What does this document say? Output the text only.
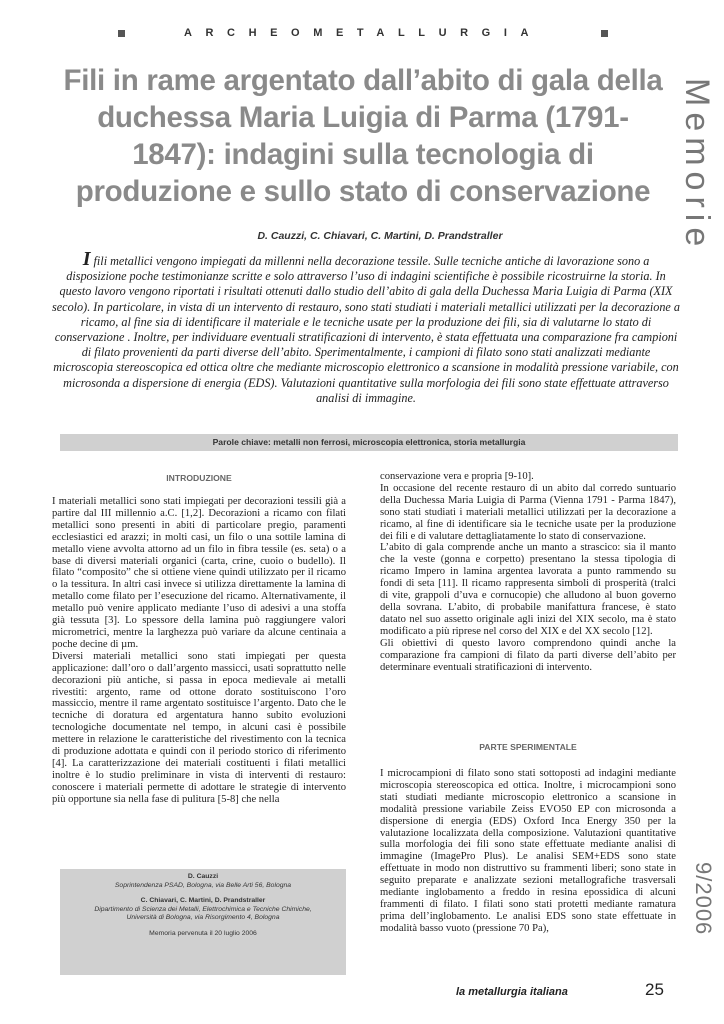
ARCHEOMETALLURGIA
Memorie
9/2006
Fili in rame argentato dall’abito di gala della duchessa Maria Luigia di Parma (1791-1847): indagini sulla tecnologia di produzione e sullo stato di conservazione
D. Cauzzi, C. Chiavari, C. Martini, D. Prandstraller

I fili metallici vengono impiegati da millenni nella decorazione tessile. Sulle tecniche antiche di lavorazione sono a disposizione poche testimonianze scritte e solo attraverso l’uso di indagini scientifiche è possibile ricostruirne la storia. In questo lavoro vengono riportati i risultati ottenuti dallo studio dell’abito di gala della Duchessa Maria Luigia di Parma (XIX secolo). In particolare, in vista di un intervento di restauro, sono stati studiati i materiali metallici utilizzati per la decorazione a ricamo, al fine sia di identificare il materiale e le tecniche usate per la produzione dei fili, sia di valutarne lo stato di conservazione . Inoltre, per individuare eventuali stratificazioni di intervento, è stata effettuata una comparazione fra campioni di filato provenienti da parti diverse dell’abito. Sperimentalmente, i campioni di filato sono stati analizzati mediante microscopia stereoscopica ed ottica oltre che mediante microscopio elettronico a scansione in modalità pressione variabile, con microsonda a dispersione di energia (EDS). Valutazioni quantitative sulla morfologia dei fili sono state effettuate attraverso analisi di immagine.

Parole chiave: metalli non ferrosi, microscopia elettronica, storia metallurgia
INTRODUZIONE

I materiali metallici sono stati impiegati per decorazioni tessili già a partire dal III millennio a.C. [1,2]. Decorazioni a ricamo con filati metallici sono presenti in abiti di particolare pregio, paramenti ecclesiastici ed arazzi; in molti casi, un filo o una sottile lamina di metallo viene avvolta attorno ad un filo in fibra tessile (es. seta) o a base di diversi materiali organici (carta, crine, cuoio o budello). Il filato “composito” che si ottiene viene quindi utilizzato per il ricamo o la tessitura. In altri casi invece si utilizza direttamente la lamina di metallo come filato per l’esecuzione del ricamo. Alternativamente, il metallo può venire applicato mediante l’uso di adesivi a una stoffa già tessuta [3]. Lo spessore della lamina può raggiungere valori micrometrici, mentre la larghezza può variare da alcune centinaia a poche decine di µm.

Diversi materiali metallici sono stati impiegati per questa applicazione: dall’oro o dall’argento massicci, usati soprattutto nelle decorazioni più antiche, si passa in epoca medievale ai metalli rivestiti: argento, rame od ottone dorato sostituiscono l’oro massiccio, mentre il rame argentato sostituisce l’argento. Dato che le tecniche di doratura ed argentatura hanno subito evoluzioni tecnologiche documentate nel tempo, in alcuni casi è possibile mettere in relazione le caratteristiche del rivestimento con la tecnica di produzione adottata e quindi con il periodo storico di riferimento [4]. La caratterizzazione dei materiali costituenti i filati metallici inoltre è lo studio preliminare in vista di interventi di restauro: conoscere i materiali permette di adottare le strategie di intervento più opportune sia nella fase di pulitura [5-8] che nella

conservazione vera e propria [9-10].

In occasione del recente restauro di un abito dal corredo suntuario della Duchessa Maria Luigia di Parma (Vienna 1791 - Parma 1847), sono stati studiati i materiali metallici utilizzati per la decorazione a ricamo, al fine di identificare sia le tecniche usate per la produzione dei fili e di valutare dettagliatamente lo stato di conservazione.

L’abito di gala comprende anche un manto a strascico: sia il manto che la veste (gonna e corpetto) presentano la stessa tipologia di ricamo Impero in lamina argentea lavorata a punto rammendo su fondi di seta [11]. Il ricamo rappresenta simboli di prosperità (tralci di vite, grappoli d’uva e cornucopie) che alludono al buon governo della sovrana. L’abito, di probabile manifattura francese, è stato datato nel suo assetto originale agli inizi del XIX secolo, ma è stato modificato a più riprese nel corso del XIX e del XX secolo [12].

Gli obiettivi di questo lavoro comprendono quindi anche la comparazione fra campioni di filato da parti diverse dell’abito per determinare eventuali stratificazioni di intervento.

PARTE SPERIMENTALE

I microcampioni di filato sono stati sottoposti ad indagini mediante microscopia stereoscopica ed ottica. Inoltre, i microcampioni sono stati studiati mediante microscopio elettronico a scansione in modalità pressione variabile Zeiss EVO50 EP con microsonda a dispersione di energia (EDS) Oxford Inca Energy 350 per la valutazione localizzata della composizione. Valutazioni quantitative sulla morfologia dei fili sono state effettuate mediante analisi di immagine (ImagePro Plus). Le analisi SEM+EDS sono state effettuate in modo non distruttivo su frammenti liberi; sono state in seguito preparate e analizzate sezioni metallografiche trasversali mediante inglobamento a freddo in resina epossidica di alcuni frammenti di filato. I filati sono stati protetti mediante ramatura prima dell’inglobamento. Le analisi EDS sono state effettuate in modalità basso vuoto (pressione 70 Pa),

D. Cauzzi
Soprintendenza PSAD, Bologna, via Belle Arti 56, Bologna
C. Chiavari, C. Martini, D. Prandstraller
Dipartimento di Scienza dei Metalli, Elettrochimica e Tecniche Chimiche,
Università di Bologna, via Risorgimento 4, Bologna
Memoria pervenuta il 20 luglio 2006
la metallurgia italiana	25
